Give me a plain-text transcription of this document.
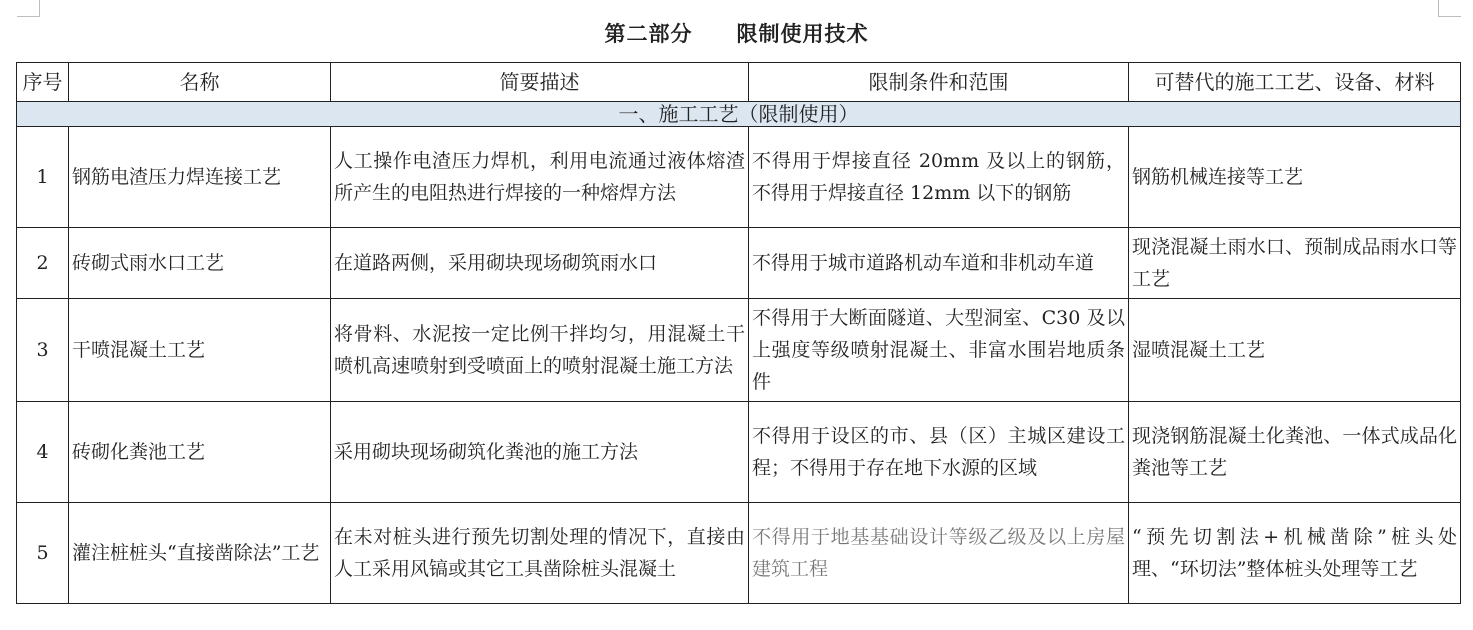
第二部分　　限制使用技术
序号	名称	简要描述	限制条件和范围	可替代的施工工艺、设备、材料
一、施工工艺（限制使用）				
1	钢筋电渣压力焊连接工艺	人工操作电渣压力焊机，利用电流通过液体熔渣所产生的电阻热进行焊接的一种熔焊方法	不得用于焊接直径 20mm 及以上的钢筋，不得用于焊接直径 12mm 以下的钢筋	钢筋机械连接等工艺
2	砖砌式雨水口工艺	在道路两侧，采用砌块现场砌筑雨水口	不得用于城市道路机动车道和非机动车道	现浇混凝土雨水口、预制成品雨水口等工艺
3	干喷混凝土工艺	将骨料、水泥按一定比例干拌均匀，用混凝土干喷机高速喷射到受喷面上的喷射混凝土施工方法	不得用于大断面隧道、大型洞室、C30 及以上强度等级喷射混凝土、非富水围岩地质条件	湿喷混凝土工艺
4	砖砌化粪池工艺	采用砌块现场砌筑化粪池的施工方法	不得用于设区的市、县（区）主城区建设工程；不得用于存在地下水源的区域	现浇钢筋混凝土化粪池、一体式成品化粪池等工艺
5	灌注桩桩头“直接凿除法”工艺	在未对桩头进行预先切割处理的情况下，直接由人工采用风镐或其它工具凿除桩头混凝土	不得用于地基基础设计等级乙级及以上房屋建筑工程	“预先切割法+机械凿除”桩头处理、“环切法”整体桩头处理等工艺
